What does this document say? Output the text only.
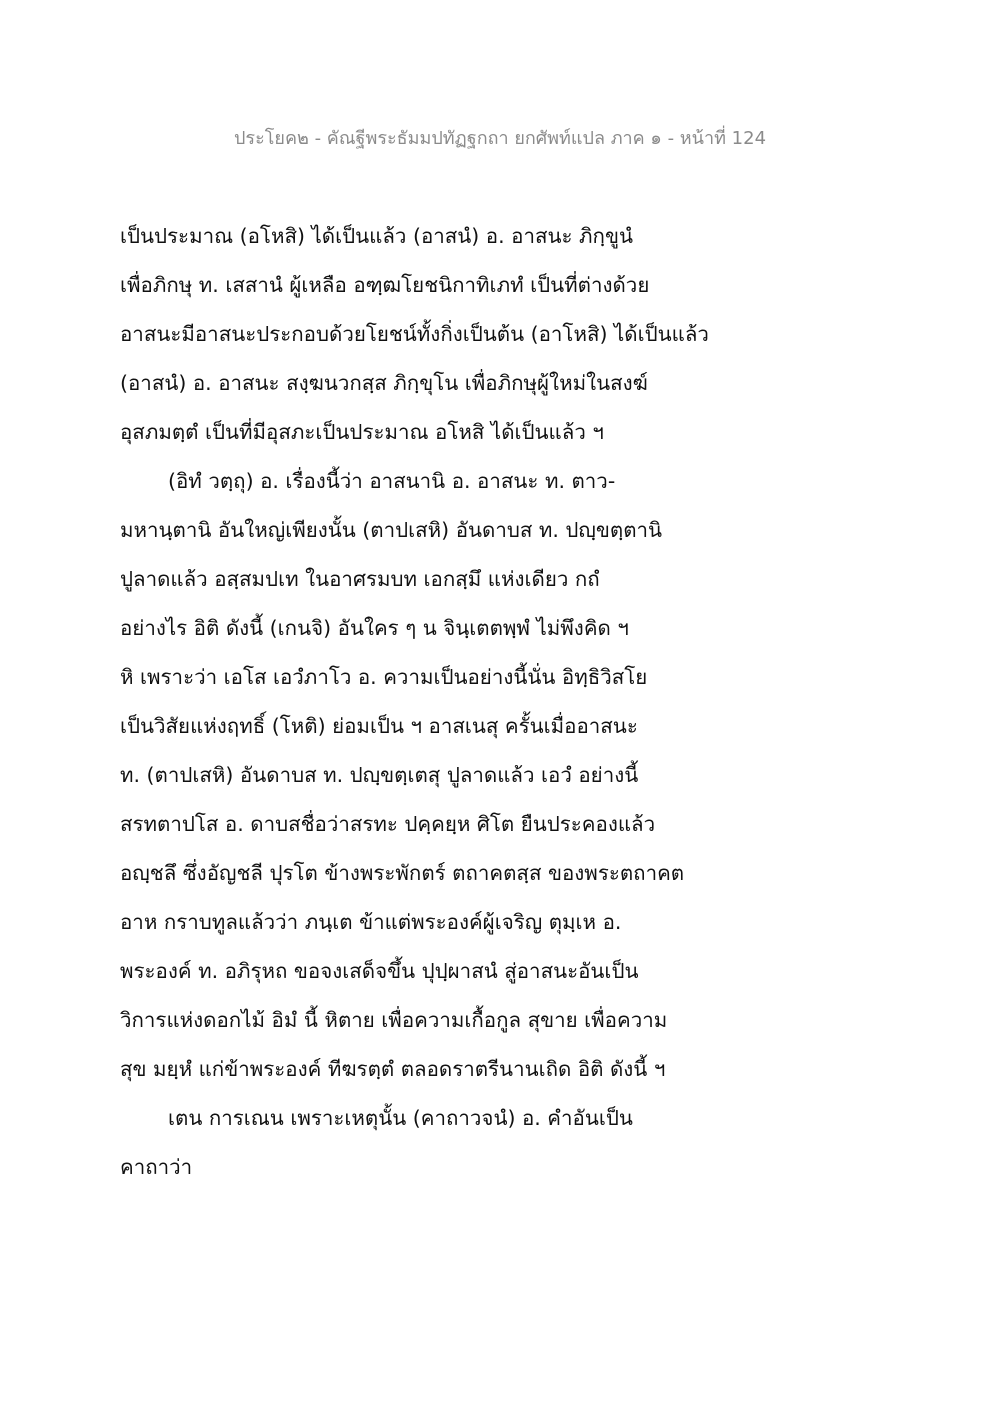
ประโยค๒ - คัณฐีพระธัมมปทัฏฐกถา ยกศัพท์แปล ภาค ๑ - หน้าที่ 124
เป็นประมาณ (อโหสิ) ได้เป็นแล้ว (อาสนํ) อ. อาสนะ ภิกฺขูนํ
เพื่อภิกษุ ท. เสสานํ ผู้เหลือ อฑฺฒโยชนิกาทิเภทํ เป็นที่ต่างด้วย
อาสนะมีอาสนะประกอบด้วยโยชน์ทั้งกิ่งเป็นต้น (อาโหสิ) ได้เป็นแล้ว
(อาสนํ) อ. อาสนะ สงฺฆนวกสฺส ภิกฺขุโน เพื่อภิกษุผู้ใหม่ในสงฆ์
อุสภมตฺตํ เป็นที่มีอุสภะเป็นประมาณ อโหสิ ได้เป็นแล้ว ฯ
(อิทํ วตฺถุ) อ. เรื่องนี้ว่า อาสนานิ อ. อาสนะ ท. ตาว-
มหานฺตานิ อันใหญ่เพียงนั้น (ตาปเสหิ) อันดาบส ท. ปญฺขตฺตานิ
ปูลาดแล้ว อสฺสมปเท ในอาศรมบท เอกสฺมึ แห่งเดียว กถํ
อย่างไร อิติ ดังนี้ (เกนจิ) อันใคร ๆ น จินฺเตตพฺพํ ไม่พึงคิด ฯ
หิ เพราะว่า เอโส เอวํภาโว อ. ความเป็นอย่างนี้นั่น อิทฺธิวิสโย
เป็นวิสัยแห่งฤทธิ์ (โหติ) ย่อมเป็น ฯ อาสเนสุ ครั้นเมื่ออาสนะ
ท. (ตาปเสหิ) อันดาบส ท. ปญฺขตฺเตสุ ปูลาดแล้ว เอวํ อย่างนี้
สรทตาปโส อ. ดาบสชื่อว่าสรทะ ปคฺคยฺห ศิโต ยืนประคองแล้ว
อญฺชลึ ซึ่งอัญชลี ปุรโต ข้างพระพักตร์ ตถาคตสฺส ของพระตถาคต
อาห กราบทูลแล้วว่า ภนฺเต ข้าแต่พระองค์ผู้เจริญ ตุมฺเห อ.
พระองค์ ท. อภิรุหถ ขอจงเสด็จขึ้น ปุปฺผาสนํ สู่อาสนะอันเป็น
วิการแห่งดอกไม้ อิมํ นี้ หิตาย เพื่อความเกื้อกูล สุขาย เพื่อความ
สุข มยฺหํ แก่ข้าพระองค์ ทีฆรตฺตํ ตลอดราตรีนานเถิด อิติ ดังนี้ ฯ
เตน การเณน เพราะเหตุนั้น (คาถาวจนํ) อ. คำอันเป็น
คาถาว่า
